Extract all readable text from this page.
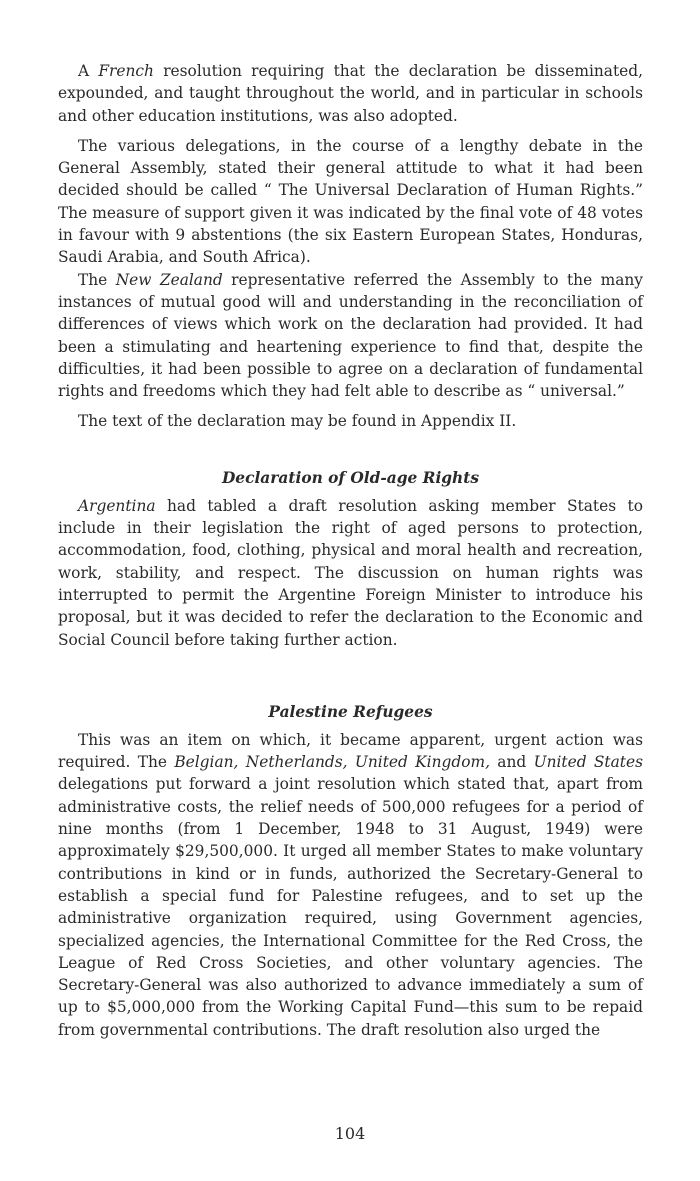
A French resolution requiring that the declaration be disseminated, expounded, and taught throughout the world, and in particular in schools and other education institutions, was also adopted.

The various delegations, in the course of a lengthy debate in the General Assembly, stated their general attitude to what it had been decided should be called “ The Universal Declaration of Human Rights.” The measure of support given it was indicated by the final vote of 48 votes in favour with 9 abstentions (the six Eastern European States, Honduras, Saudi Arabia, and South Africa).

The New Zealand representative referred the Assembly to the many instances of mutual good will and understanding in the reconciliation of differences of views which work on the declaration had provided. It had been a stimulating and heartening experience to find that, despite the difficulties, it had been possible to agree on a declaration of fundamental rights and freedoms which they had felt able to describe as “ universal.”

The text of the declaration may be found in Appendix II.

Declaration of Old-age Rights

Argentina had tabled a draft resolution asking member States to include in their legislation the right of aged persons to protection, accommodation, food, clothing, physical and moral health and recreation, work, stability, and respect. The discussion on human rights was interrupted to permit the Argentine Foreign Minister to introduce his proposal, but it was decided to refer the declaration to the Economic and Social Council before taking further action.

Palestine Refugees

This was an item on which, it became apparent, urgent action was required. The Belgian, Netherlands, United Kingdom, and United States delegations put forward a joint resolution which stated that, apart from administrative costs, the relief needs of 500,000 refugees for a period of nine months (from 1 December, 1948 to 31 August, 1949) were approximately $29,500,000. It urged all member States to make voluntary contributions in kind or in funds, authorized the Secretary-General to establish a special fund for Palestine refugees, and to set up the administrative organization required, using Government agencies, specialized agencies, the International Committee for the Red Cross, the League of Red Cross Societies, and other voluntary agencies. The Secretary-General was also authorized to advance immediately a sum of up to $5,000,000 from the Working Capital Fund—this sum to be repaid from governmental contributions. The draft resolution also urged the

104
